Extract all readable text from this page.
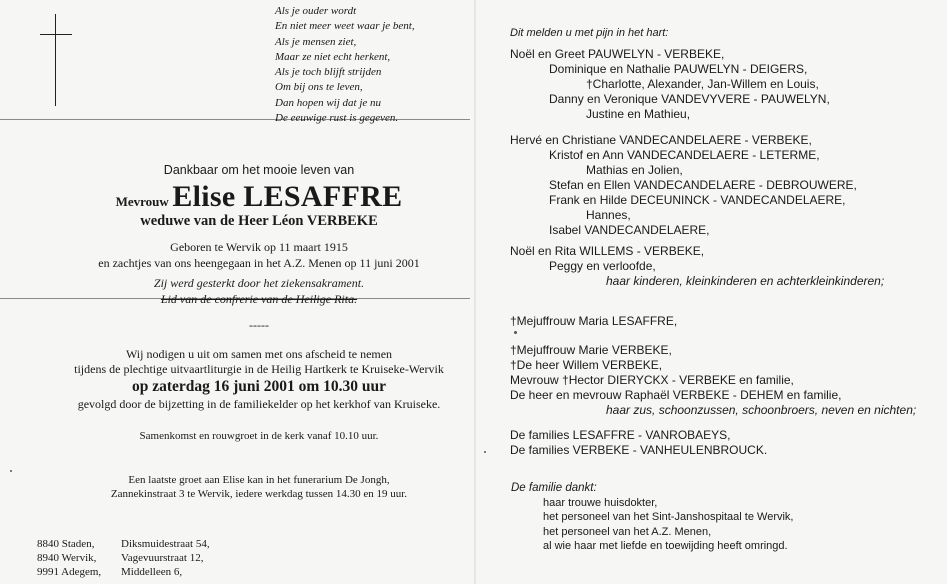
Als je ouder wordt
En niet meer weet waar je bent,
Als je mensen ziet,
Maar ze niet echt herkent,
Als je toch blijft strijden
Om bij ons te leven,
Dan hopen wij dat je nu
De eeuwige rust is gegeven.
Dankbaar om het mooie leven van
Mevrouw Elise LESAFFRE
weduwe van de Heer Léon VERBEKE
Geboren te Wervik op 11 maart 1915
en zachtjes van ons heengegaan in het A.Z. Menen op 11 juni 2001
Zij werd gesterkt door het ziekensakrament.
Lid van de confrerie van de Heilige Rita.
-----
Wij nodigen u uit om samen met ons afscheid te nemen
tijdens de plechtige uitvaartliturgie in de Heilig Hartkerk te Kruiseke-Wervik
op zaterdag 16 juni 2001 om 10.30 uur
gevolgd door de bijzetting in de familiekelder op het kerkhof van Kruiseke.
Samenkomst en rouwgroet in de kerk vanaf 10.10 uur.
Een laatste groet aan Elise kan in het funerarium De Jongh,
Zannekinstraat 3 te Wervik, iedere werkdag tussen 14.30 en 19 uur.
8840 Staden,
8940 Wervik,
9991 Adegem,
Diksmuidestraat 54,
Vagevuurstraat 12,
Middelleen 6,
Dit melden u met pijn in het hart:
Noël en Greet PAUWELYN - VERBEKE,
Dominique en Nathalie PAUWELYN - DEIGERS,
†Charlotte, Alexander, Jan-Willem en Louis,
Danny en Veronique VANDEVYVERE - PAUWELYN,
Justine en Mathieu,
Hervé en Christiane VANDECANDELAERE - VERBEKE,
Kristof en Ann VANDECANDELAERE - LETERME,
Mathias en Jolien,
Stefan en Ellen VANDECANDELAERE - DEBROUWERE,
Frank en Hilde DECEUNINCK - VANDECANDELAERE,
Hannes,
Isabel VANDECANDELAERE,
Noël en Rita WILLEMS - VERBEKE,
Peggy en verloofde,
haar kinderen, kleinkinderen en achterkleinkinderen;
†Mejuffrouw Maria LESAFFRE,
†Mejuffrouw Marie VERBEKE,
†De heer Willem VERBEKE,
Mevrouw †Hector DIERYCKX - VERBEKE en familie,
De heer en mevrouw Raphaël VERBEKE - DEHEM en familie,
haar zus, schoonzussen, schoonbroers, neven en nichten;
De families LESAFFRE - VANROBAEYS,
De families VERBEKE - VANHEULENBROUCK.
De familie dankt:
haar trouwe huisdokter,
het personeel van het Sint-Janshospitaal te Wervik,
het personeel van het A.Z. Menen,
al wie haar met liefde en toewijding heeft omringd.
